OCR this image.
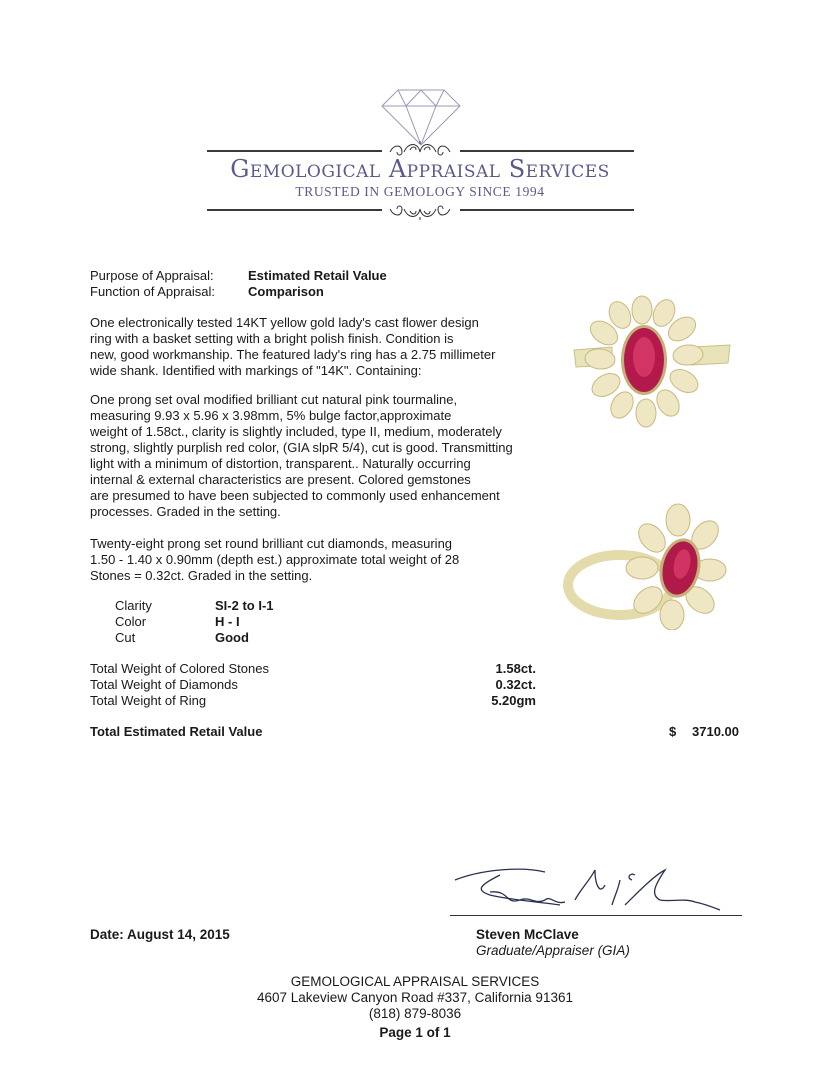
Gemological Appraisal Services
TRUSTED IN GEMOLOGY SINCE 1994
Purpose of Appraisal:	Estimated Retail Value
Function of Appraisal:	Comparison
One electronically tested 14KT yellow gold lady's cast flower design
ring with a basket setting with a bright polish finish. Condition is
new, good workmanship. The featured lady's ring has a 2.75 millimeter
wide shank. Identified with markings of "14K". Containing:
One prong set oval modified brilliant cut natural pink tourmaline,
measuring 9.93 x 5.96 x 3.98mm, 5% bulge factor,approximate
weight of 1.58ct., clarity is slightly included, type II, medium, moderately
strong, slightly purplish red color, (GIA slpR 5/4), cut is good. Transmitting
light with a minimum of distortion, transparent.. Naturally occurring
internal & external characteristics are present. Colored gemstones
are presumed to have been subjected to commonly used enhancement
processes. Graded in the setting.
Twenty-eight prong set round brilliant cut diamonds, measuring
1.50 - 1.40 x 0.90mm (depth est.) approximate total weight of 28
Stones = 0.32ct. Graded in the setting.
Clarity	SI-2 to I-1
Color	H - I
Cut	Good
Total Weight of Colored Stones	1.58ct.
Total Weight of Diamonds	0.32ct.
Total Weight of Ring	5.20gm
Total Estimated Retail Value	$ 3710.00
Date: August 14, 2015	Steven McClave
Graduate/Appraiser (GIA)
GEMOLOGICAL APPRAISAL SERVICES
4607 Lakeview Canyon Road #337, California 91361
(818) 879-8036
Page 1 of 1
